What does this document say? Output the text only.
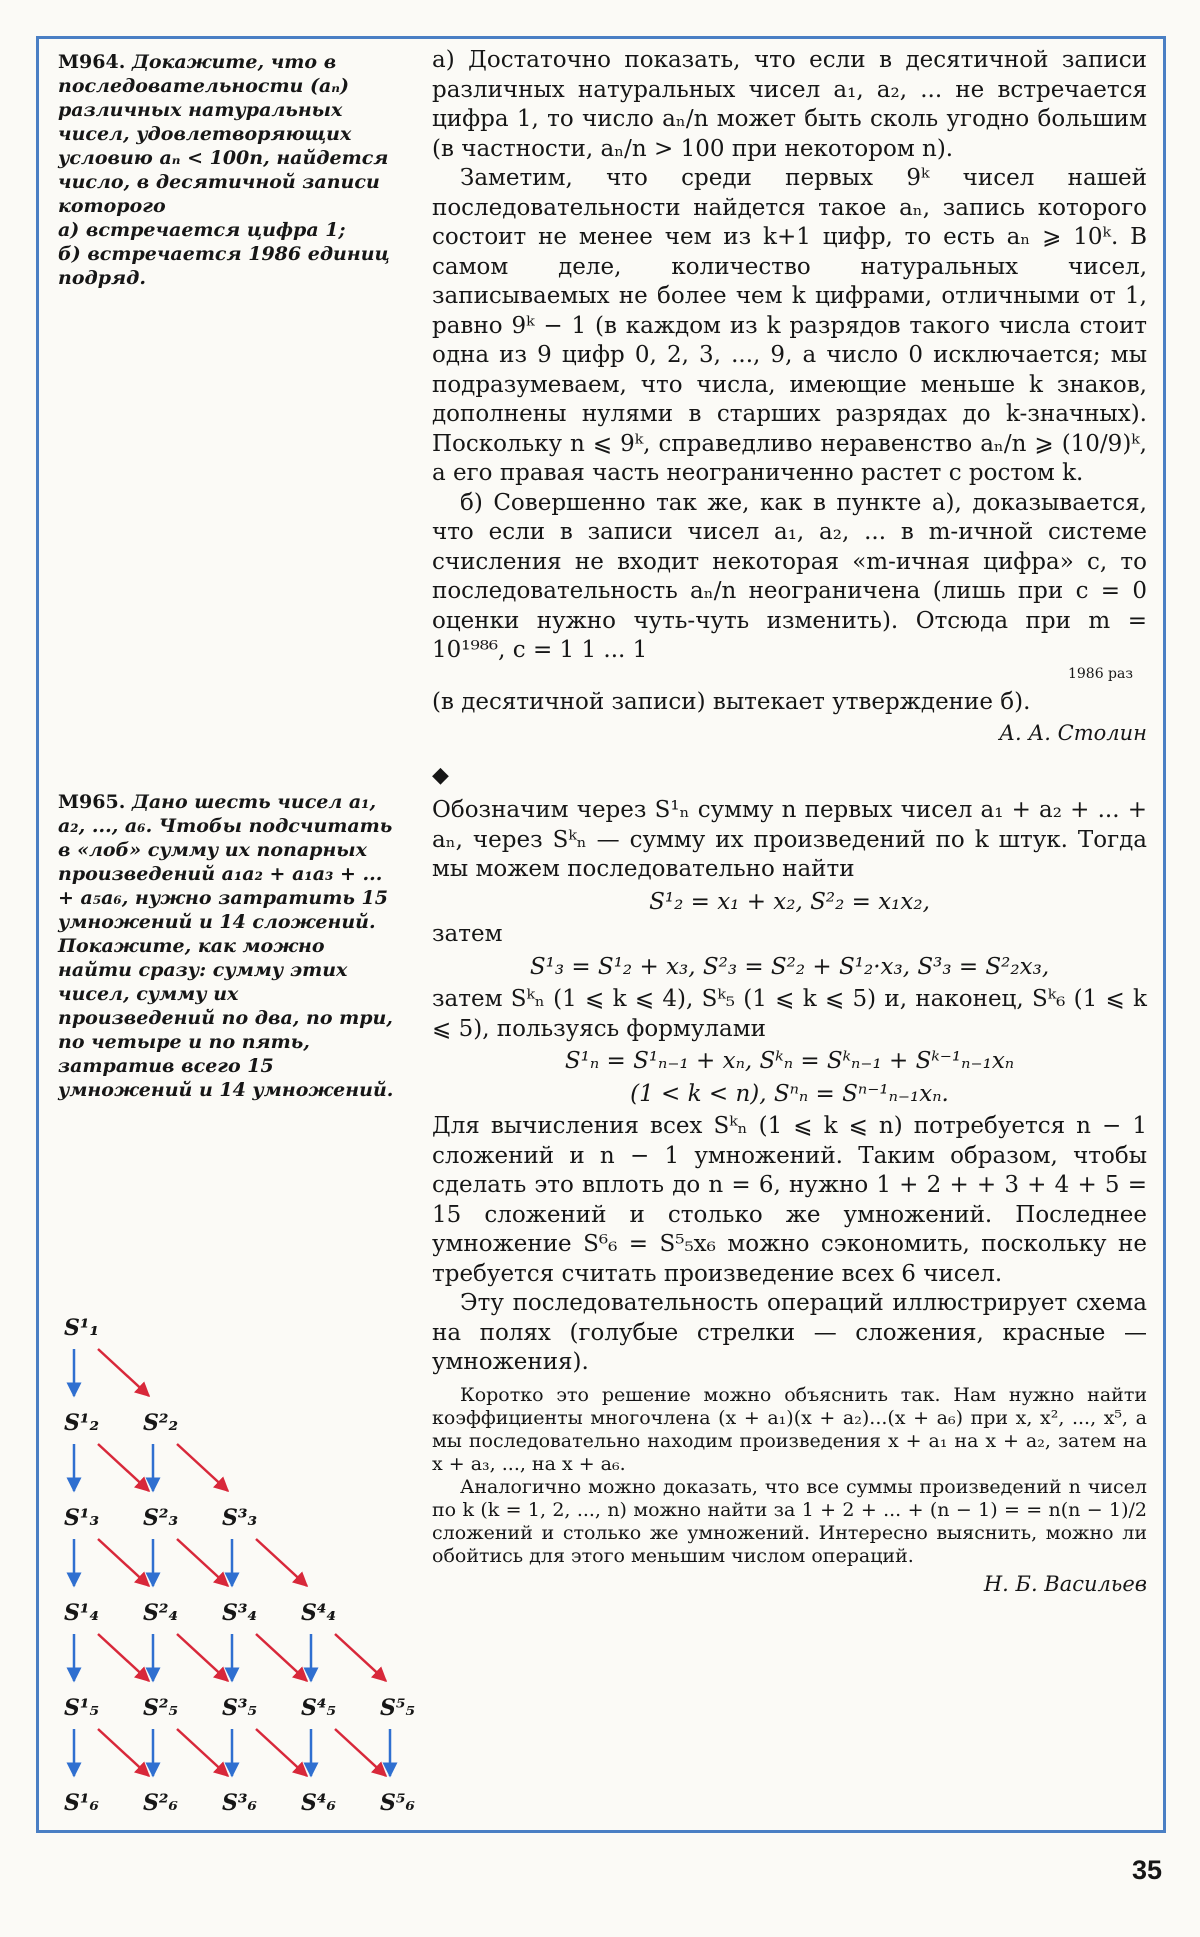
M964. Докажите, что в последовательности (aₙ) различных натуральных чисел, удовлетворяющих условию aₙ < 100n, найдется число, в десятичной записи которого

а) встречается цифра 1;

б) встречается 1986 единиц подряд.

M965. Дано шесть чисел a₁, a₂, ..., a₆. Чтобы подсчитать в «лоб» сумму их попарных произведений a₁a₂ + a₁a₃ + ... + a₅a₆, нужно затратить 15 умножений и 14 сложений. Покажите, как можно найти сразу: сумму этих чисел, сумму их произведений по два, по три, по четыре и по пять, затратив всего 15 умножений и 14 умножений.

S¹₁
S¹₂ S²₂
S¹₃ S²₃ S³₃
S¹₄ S²₄ S³₄ S⁴₄
S¹₅ S²₅ S³₅ S⁴₅ S⁵₅
S¹₆ S²₆ S³₆ S⁴₆ S⁵₆

а) Достаточно показать, что если в десятичной записи различных натуральных чисел a₁, a₂, ... не встречается цифра 1, то число aₙ/n может быть сколь угодно большим (в частности, aₙ/n > 100 при некотором n).

Заметим, что среди первых 9ᵏ чисел нашей последовательности найдется такое aₙ, запись которого состоит не менее чем из k+1 цифр, то есть aₙ ⩾ 10ᵏ. В самом деле, количество натуральных чисел, записываемых не более чем k цифрами, отличными от 1, равно 9ᵏ − 1 (в каждом из k разрядов такого числа стоит одна из 9 цифр 0, 2, 3, ..., 9, а число 0 исключается; мы подразумеваем, что числа, имеющие меньше k знаков, дополнены нулями в старших разрядах до k-значных). Поскольку n ⩽ 9ᵏ, справедливо неравенство aₙ/n ⩾ (10/9)ᵏ, а его правая часть неограниченно растет с ростом k.

б) Совершенно так же, как в пункте а), доказывается, что если в записи чисел a₁, a₂, ... в m-ичной системе счисления не входит некоторая «m-ичная цифра» c, то последовательность aₙ/n неограничена (лишь при c = 0 оценки нужно чуть-чуть изменить). Отсюда при m = 10¹⁹⁸⁶, c = 1 1 ... 1

1986 раз

(в десятичной записи) вытекает утверждение б).

А. А. Столин
◆

Обозначим через S¹ₙ сумму n первых чисел a₁ + a₂ + ... + aₙ, через Sᵏₙ — сумму их произведений по k штук. Тогда мы можем последовательно найти

S¹₂ = x₁ + x₂, S²₂ = x₁x₂,

затем

S¹₃ = S¹₂ + x₃, S²₃ = S²₂ + S¹₂·x₃, S³₃ = S²₂x₃,

затем Sᵏₙ (1 ⩽ k ⩽ 4), Sᵏ₅ (1 ⩽ k ⩽ 5) и, наконец, Sᵏ₆ (1 ⩽ k ⩽ 5), пользуясь формулами

S¹ₙ = S¹ₙ₋₁ + xₙ, Sᵏₙ = Sᵏₙ₋₁ + Sᵏ⁻¹ₙ₋₁xₙ
(1 < k < n), Sⁿₙ = Sⁿ⁻¹ₙ₋₁xₙ.

Для вычисления всех Sᵏₙ (1 ⩽ k ⩽ n) потребуется n − 1 сложений и n − 1 умножений. Таким образом, чтобы сделать это вплоть до n = 6, нужно 1 + 2 + + 3 + 4 + 5 = 15 сложений и столько же умножений. Последнее умножение S⁶₆ = S⁵₅x₆ можно сэкономить, поскольку не требуется считать произведение всех 6 чисел.

Эту последовательность операций иллюстрирует схема на полях (голубые стрелки — сложения, красные — умножения).

Коротко это решение можно объяснить так. Нам нужно найти коэффициенты многочлена (x + a₁)(x + a₂)...(x + a₆) при x, x², ..., x⁵, а мы последовательно находим произведения x + a₁ на x + a₂, затем на x + a₃, ..., на x + a₆.

Аналогично можно доказать, что все суммы произведений n чисел по k (k = 1, 2, ..., n) можно найти за 1 + 2 + ... + (n − 1) = = n(n − 1)/2 сложений и столько же умножений. Интересно выяснить, можно ли обойтись для этого меньшим числом операций.

Н. Б. Васильев
35
